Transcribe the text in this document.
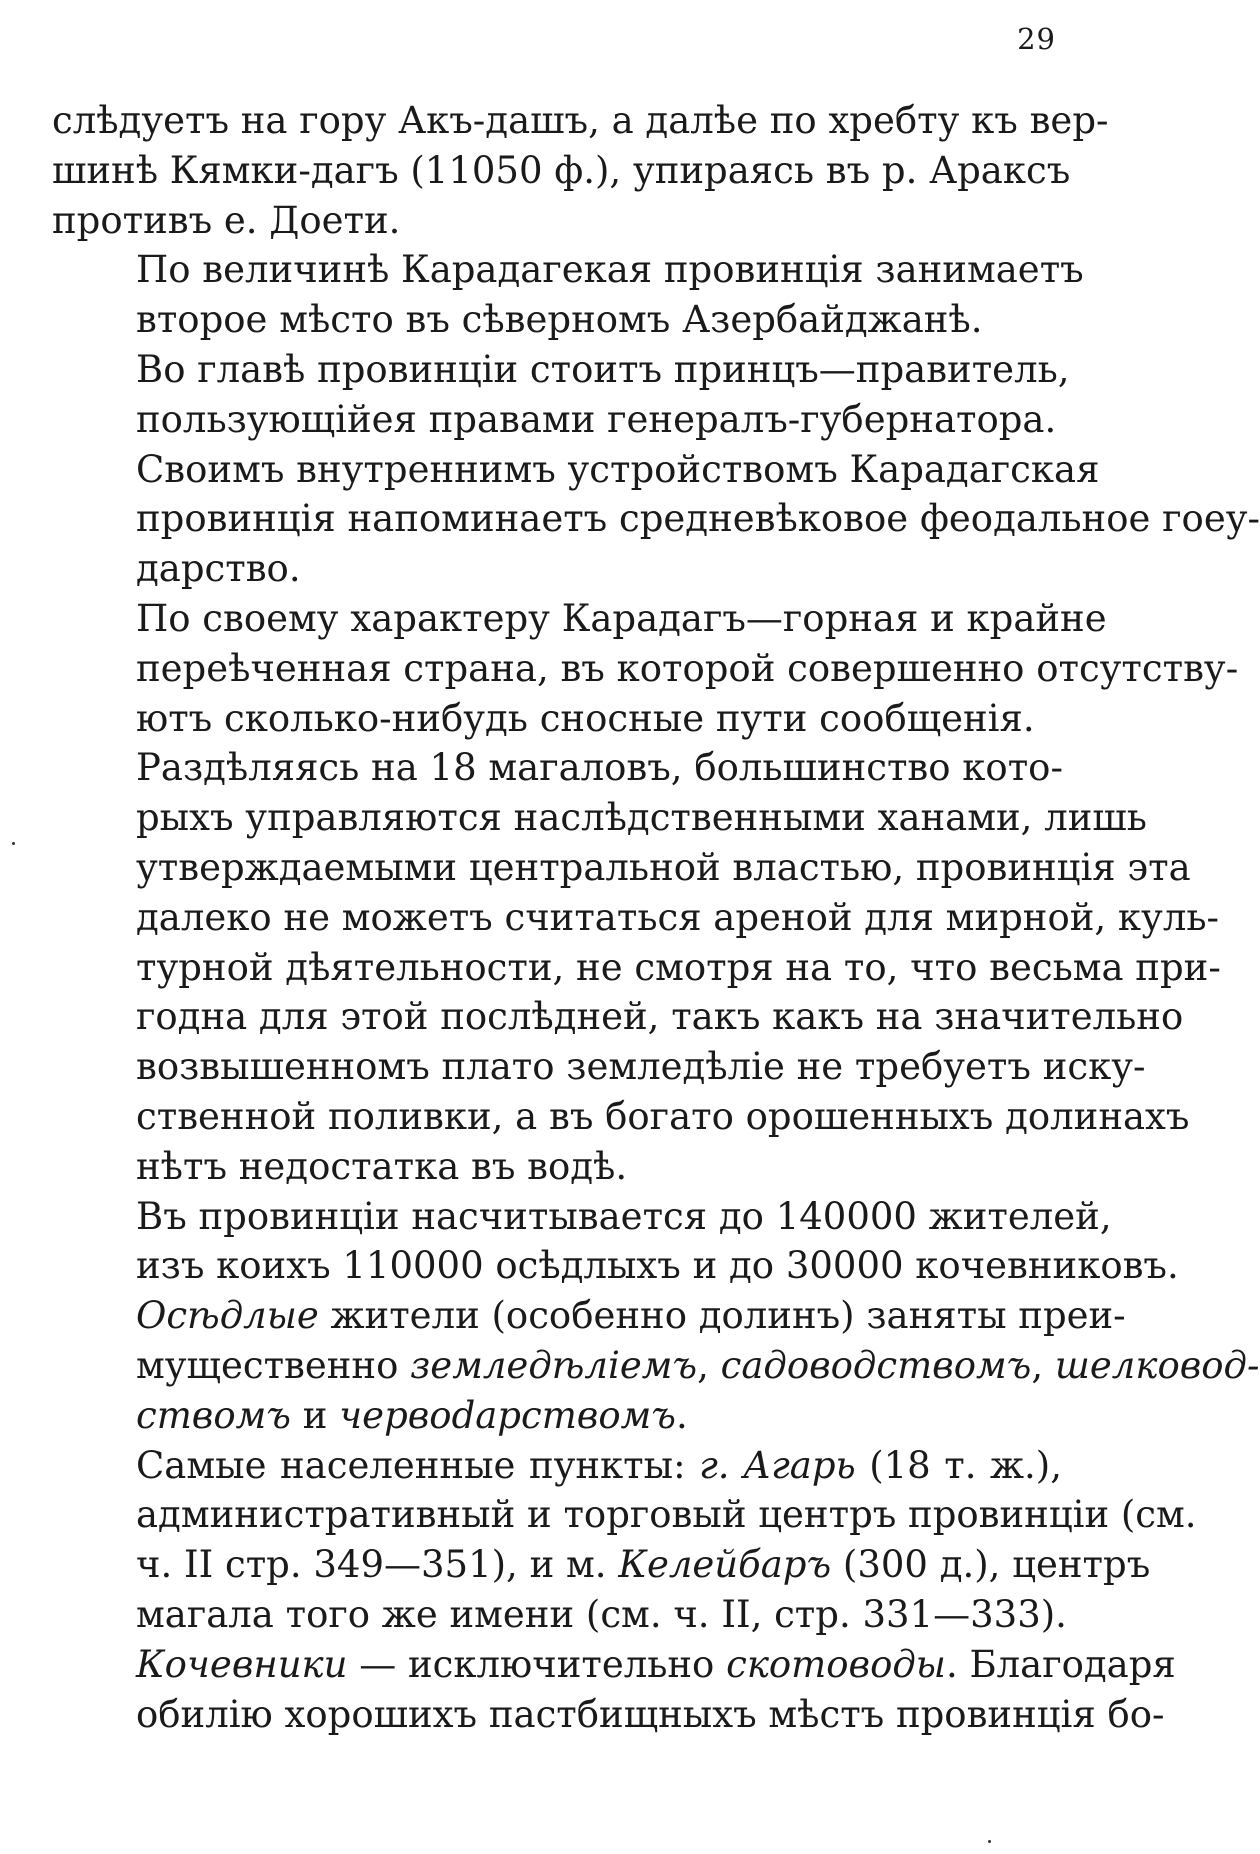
29

слѣдуетъ на гору Акъ-дашъ, а далѣе по хребту къ вер-
шинѣ Кямки-дагъ (11050 ф.), упираясь въ р. Араксъ
противъ е. Доети.

По величинѣ Карадагекая провинція занимаетъ
второе мѣсто въ сѣверномъ Азербайджанѣ.

Во главѣ провинціи стоитъ принцъ—правитель,
пользующійея правами генералъ-губернатора.

Своимъ внутреннимъ устройствомъ Карадагская
провинція напоминаетъ средневѣковое феодальное гоеу-
дарство.

По своему характеру Карадагъ—горная и крайне
переѣченная страна, въ которой совершенно отсутству-
ютъ сколько-нибудь сносные пути сообщенія.

Раздѣляясь на 18 магаловъ, большинство кото-
рыхъ управляются наслѣдственными ханами, лишь
утверждаемыми центральной властью, провинція эта
далеко не можетъ считаться ареной для мирной, куль-
турной дѣятельности, не смотря на то, что весьма при-
годна для этой послѣдней, такъ какъ на значительно
возвышенномъ плато земледѣліе не требуетъ иску-
ственной поливки, а въ богато орошенныхъ долинахъ
нѣтъ недостатка въ водѣ.

Въ провинціи насчитывается до 140000 жителей,
изъ коихъ 110000 осѣдлыхъ и до 30000 кочевниковъ.

Осѣдлые жители (особенно долинъ) заняты преи-
мущественно земледѣліемъ, садоводствомъ, шелковод-
ствомъ и червodарствомъ.

Самые населенные пункты: г. Агарь (18 т. ж.),
административный и торговый центръ провинціи (см.
ч. II стр. 349—351), и м. Келейбаръ (300 д.), центръ
магала того же имени (см. ч. II, стр. 331—333).

Кочевники — исключительно скотоводы. Благодаря
обилію хорошихъ пастбищныхъ мѣстъ провинція бо-
